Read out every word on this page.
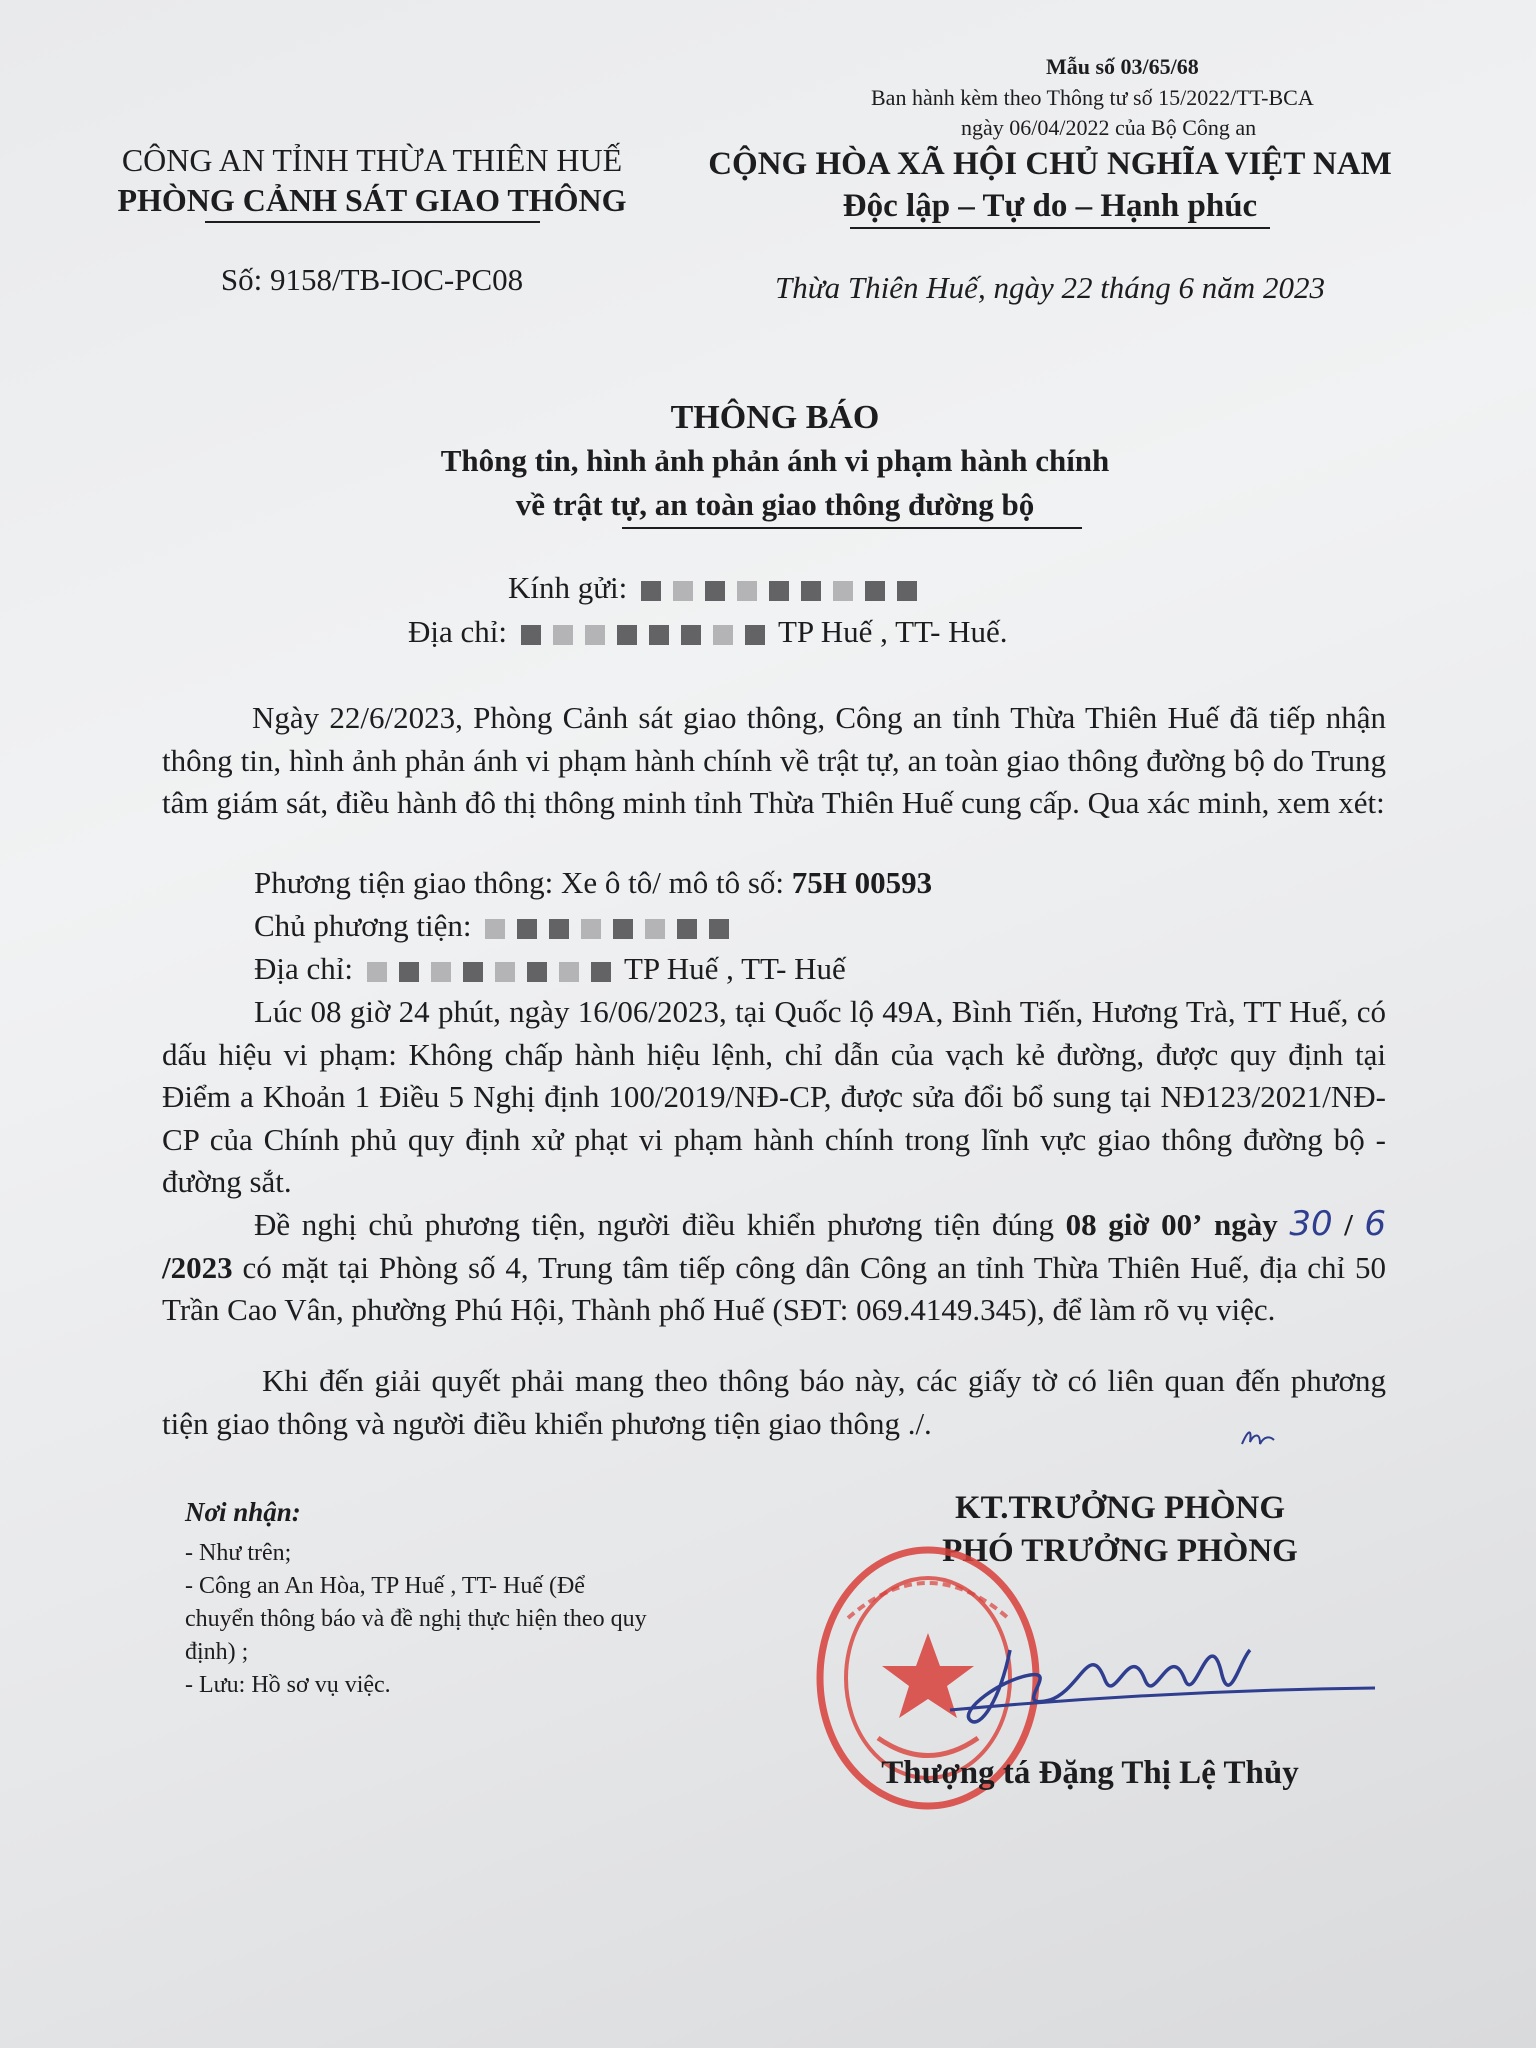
Mẫu số 03/65/68
Ban hành kèm theo Thông tư số 15/2022/TT-BCA
ngày 06/04/2022 của Bộ Công an
CÔNG AN TỈNH THỪA THIÊN HUẾ
PHÒNG CẢNH SÁT GIAO THÔNG
Số: 9158/TB-IOC-PC08
CỘNG HÒA XÃ HỘI CHỦ NGHĨA VIỆT NAM
Độc lập – Tự do – Hạnh phúc
Thừa Thiên Huế, ngày 22 tháng 6 năm 2023
THÔNG BÁO
Thông tin, hình ảnh phản ánh vi phạm hành chính
về trật tự, an toàn giao thông đường bộ
Kính gửi:
Địa chỉ:	TP Huế , TT- Huế.
Ngày 22/6/2023, Phòng Cảnh sát giao thông, Công an tỉnh Thừa Thiên Huế đã tiếp nhận thông tin, hình ảnh phản ánh vi phạm hành chính về trật tự, an toàn giao thông đường bộ do Trung tâm giám sát, điều hành đô thị thông minh tỉnh Thừa Thiên Huế cung cấp. Qua xác minh, xem xét:
Phương tiện giao thông: Xe ô tô/ mô tô số: 75H 00593
Chủ phương tiện:
Địa chỉ:	TP Huế , TT- Huế
Lúc 08 giờ 24 phút, ngày 16/06/2023, tại Quốc lộ 49A, Bình Tiến, Hương Trà, TT Huế, có dấu hiệu vi phạm: Không chấp hành hiệu lệnh, chỉ dẫn của vạch kẻ đường, được quy định tại Điểm a Khoản 1 Điều 5 Nghị định 100/2019/NĐ-CP, được sửa đổi bổ sung tại NĐ123/2021/NĐ-CP của Chính phủ quy định xử phạt vi phạm hành chính trong lĩnh vực giao thông đường bộ - đường sắt.
Đề nghị chủ phương tiện, người điều khiển phương tiện đúng 08 giờ 00’ ngày 30 / 6 /2023 có mặt tại Phòng số 4, Trung tâm tiếp công dân Công an tỉnh Thừa Thiên Huế, địa chỉ 50 Trần Cao Vân, phường Phú Hội, Thành phố Huế (SĐT: 069.4149.345), để làm rõ vụ việc.
Khi đến giải quyết phải mang theo thông báo này, các giấy tờ có liên quan đến phương tiện giao thông và người điều khiển phương tiện giao thông ./.
Nơi nhận:
- Như trên;
- Công an An Hòa, TP Huế , TT- Huế (Để
chuyển thông báo và đề nghị thực hiện theo quy
định) ;
- Lưu: Hồ sơ vụ việc.
KT.TRƯỞNG PHÒNG
PHÓ TRƯỞNG PHÒNG
Thượng tá Đặng Thị Lệ Thủy
